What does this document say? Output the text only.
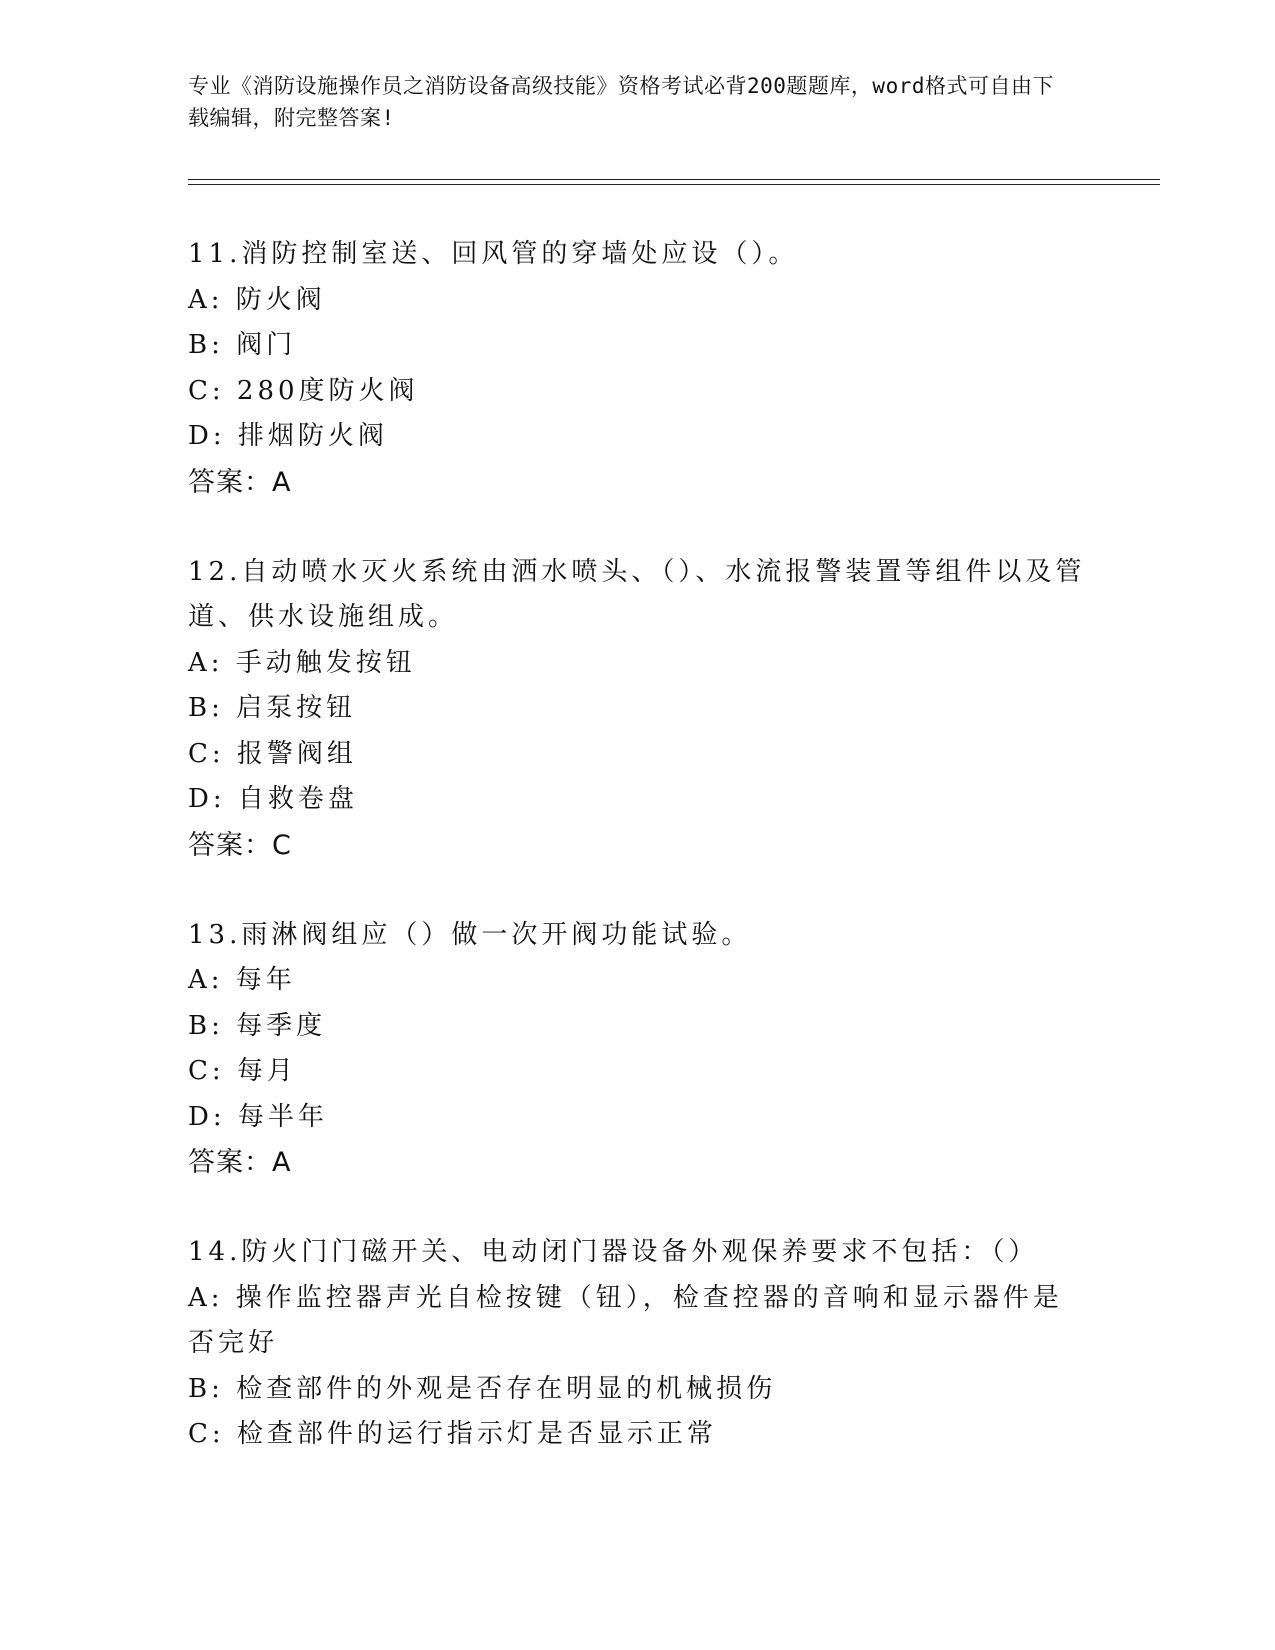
专业《消防设施操作员之消防设备高级技能》资格考试必背200题题库，word格式可自由下载编辑，附完整答案!
11.消防控制室送、回风管的穿墙处应设（）。
A: 防火阀
B: 阀门
C: 280度防火阀
D: 排烟防火阀
答案：A
12.自动喷水灭火系统由洒水喷头、（）、水流报警装置等组件以及管道、供水设施组成。
A: 手动触发按钮
B: 启泵按钮
C: 报警阀组
D: 自救卷盘
答案：C
13.雨淋阀组应（）做一次开阀功能试验。
A: 每年
B: 每季度
C: 每月
D: 每半年
答案：A
14.防火门门磁开关、电动闭门器设备外观保养要求不包括：（）
A: 操作监控器声光自检按键（钮），检查控器的音响和显示器件是否完好
B: 检查部件的外观是否存在明显的机械损伤
C: 检查部件的运行指示灯是否显示正常
